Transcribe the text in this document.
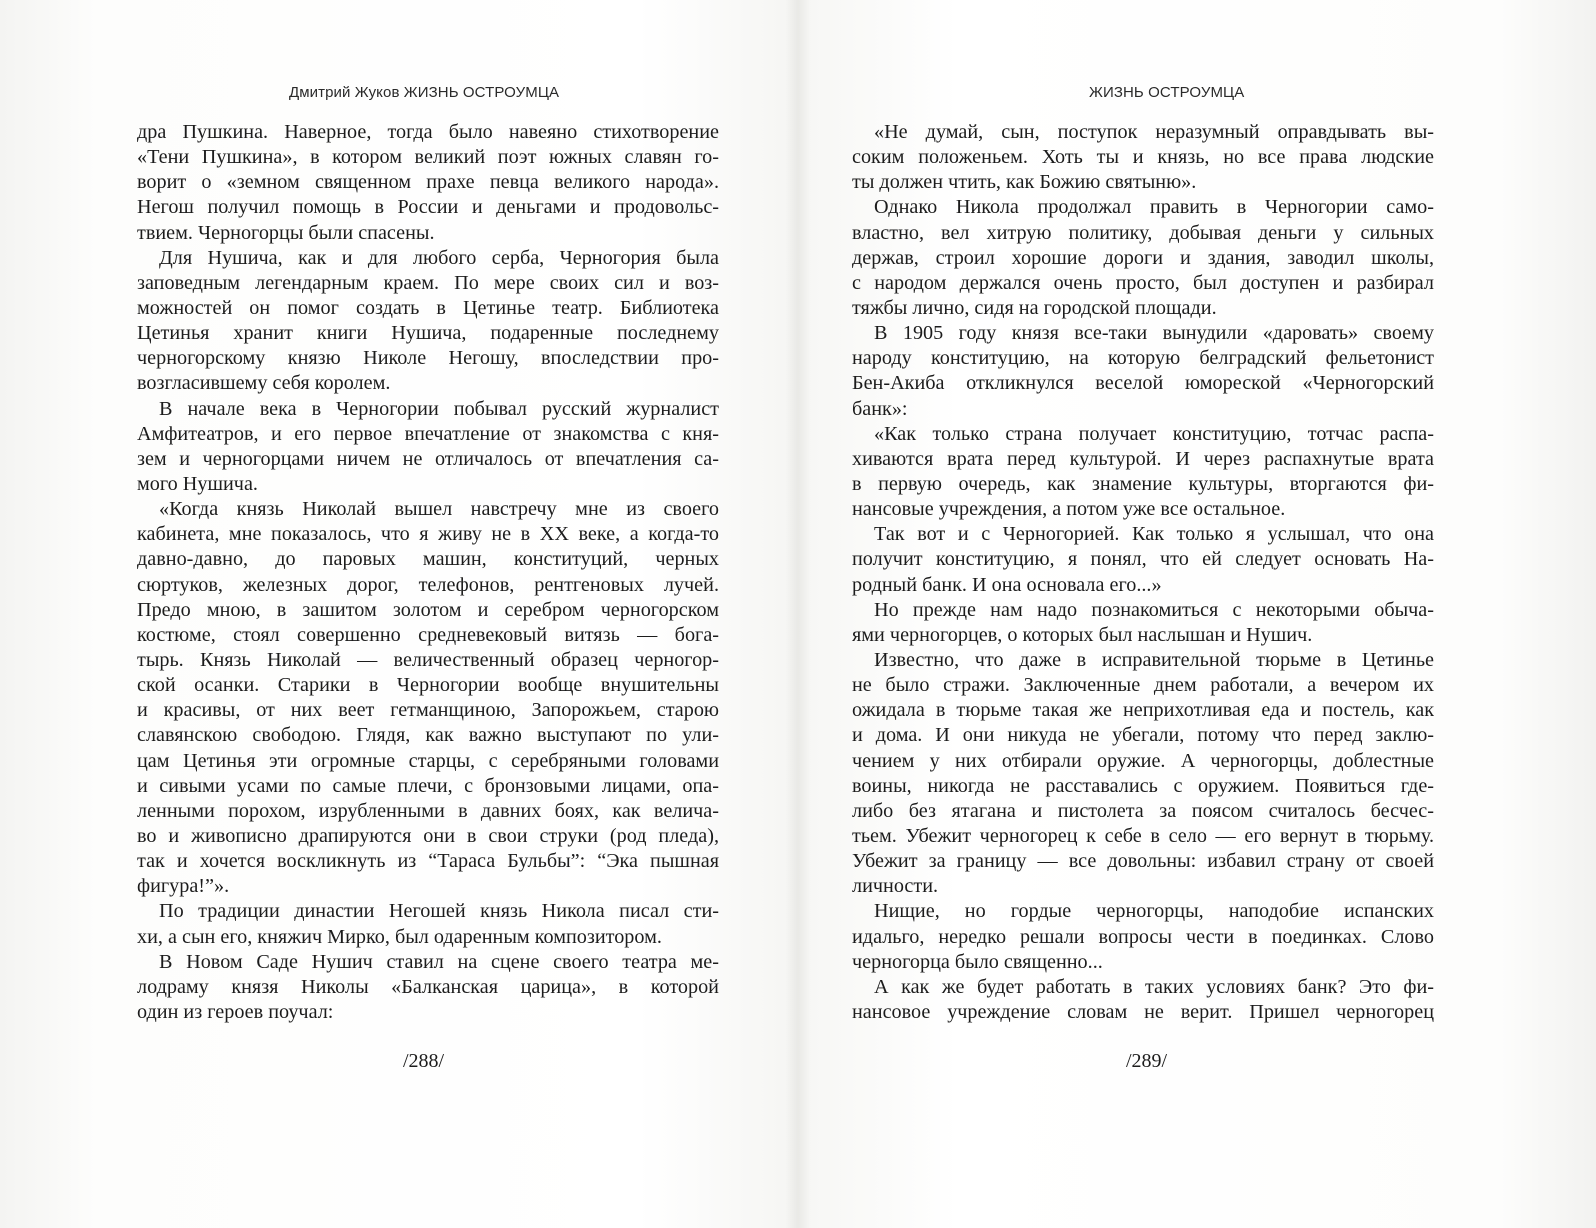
Дмитрий Жуков ЖИЗНЬ ОСТРОУМЦА
дра Пушкина. Наверное, тогда было навеяно стихотворение
«Тени Пушкина», в котором великий поэт южных славян го-
ворит о «земном священном прахе певца великого народа».
Негош получил помощь в России и деньгами и продовольс-
твием. Черногорцы были спасены.
Для Нушича, как и для любого серба, Черногория была
заповедным легендарным краем. По мере своих сил и воз-
можностей он помог создать в Цетинье театр. Библиотека
Цетинья хранит книги Нушича, подаренные последнему
черногорскому князю Николе Негошу, впоследствии про-
возгласившему себя королем.
В начале века в Черногории побывал русский журналист
Амфитеатров, и его первое впечатление от знакомства с кня-
зем и черногорцами ничем не отличалось от впечатления са-
мого Нушича.
«Когда князь Николай вышел навстречу мне из своего
кабинета, мне показалось, что я живу не в XX веке, а когда-то
давно-давно, до паровых машин, конституций, черных
сюртуков, железных дорог, телефонов, рентгеновых лучей.
Предо мною, в зашитом золотом и серебром черногорском
костюме, стоял совершенно средневековый витязь — бога-
тырь. Князь Николай — величественный образец черногор-
ской осанки. Старики в Черногории вообще внушительны
и красивы, от них веет гетманщиною, Запорожьем, старою
славянскою свободою. Глядя, как важно выступают по ули-
цам Цетинья эти огромные старцы, с серебряными головами
и сивыми усами по самые плечи, с бронзовыми лицами, опа-
ленными порохом, изрубленными в давних боях, как велича-
во и живописно драпируются они в свои струки (род пледа),
так и хочется воскликнуть из “Тараса Бульбы”: “Эка пышная
фигура!”».
По традиции династии Негошей князь Никола писал сти-
хи, а сын его, княжич Мирко, был одаренным композитором.
В Новом Саде Нушич ставил на сцене своего театра ме-
лодраму князя Николы «Балканская царица», в которой
один из героев поучал:
/288/
ЖИЗНЬ ОСТРОУМЦА
«Не думай, сын, поступок неразумный оправдывать вы-
соким положеньем. Хоть ты и князь, но все права людские
ты должен чтить, как Божию святыню».
Однако Никола продолжал править в Черногории само-
властно, вел хитрую политику, добывая деньги у сильных
держав, строил хорошие дороги и здания, заводил школы,
с народом держался очень просто, был доступен и разбирал
тяжбы лично, сидя на городской площади.
В 1905 году князя все-таки вынудили «даровать» своему
народу конституцию, на которую белградский фельетонист
Бен-Акиба откликнулся веселой юмореской «Черногорский
банк»:
«Как только страна получает конституцию, тотчас распа-
хиваются врата перед культурой. И через распахнутые врата
в первую очередь, как знамение культуры, вторгаются фи-
нансовые учреждения, а потом уже все остальное.
Так вот и с Черногорией. Как только я услышал, что она
получит конституцию, я понял, что ей следует основать На-
родный банк. И она основала его...»
Но прежде нам надо познакомиться с некоторыми обыча-
ями черногорцев, о которых был наслышан и Нушич.
Известно, что даже в исправительной тюрьме в Цетинье
не было стражи. Заключенные днем работали, а вечером их
ожидала в тюрьме такая же неприхотливая еда и постель, как
и дома. И они никуда не убегали, потому что перед заклю-
чением у них отбирали оружие. А черногорцы, доблестные
воины, никогда не расставались с оружием. Появиться где-
либо без ятагана и пистолета за поясом считалось бесчес-
тьем. Убежит черногорец к себе в село — его вернут в тюрьму.
Убежит за границу — все довольны: избавил страну от своей
личности.
Нищие, но гордые черногорцы, наподобие испанских
идальго, нередко решали вопросы чести в поединках. Слово
черногорца было священно...
А как же будет работать в таких условиях банк? Это фи-
нансовое учреждение словам не верит. Пришел черногорец
/289/
